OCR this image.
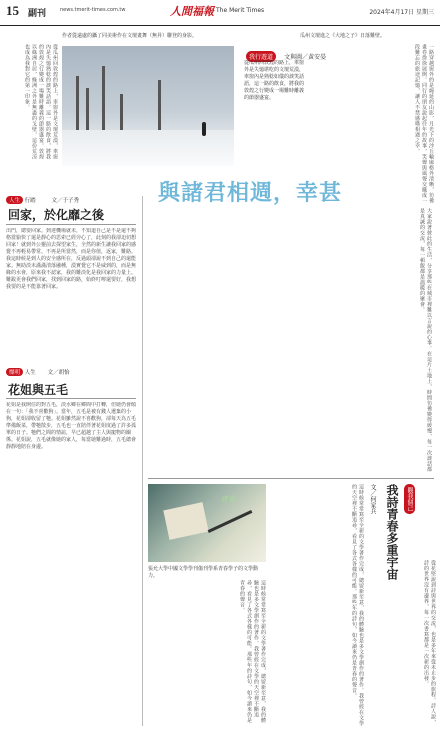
15 副刊	news.tmerit-times.com.tw	人間福報 The Merit Times	2024年4月17日 星期三
作者從遠處的攝了同美術作在文壇畫舞（無昇）聯登的身影。	瓜州文壇進之《大地之子》日落難壁。
從瓜州回敦煌的路上，車窗外是文壇荒漠，車窗內是失憶熟稔的談笑話語。這一路的飲食，將我的敦煌之行變成一場難時離義的節器盛宴。敦煌以綠洲自居，綠洲之外是無盡的戈壁，這份荒涼也成為我對它的第一印象。	我行遊道 文與圖／黃安晏
從瓜州回敦煌的路上，車窗外是失憶堪吃的文壇荒漠，車窗內是熟稔如儀的談笑話語，這一路的飲食，將我的敦煌之行變成一場難時離義的節器盛宴。	一路穿越窗外的是綿延的山影，月光下的沙丘輪廓格外清晰，彷彿畫卷徐徐展開。同行的朋友說起往年的故事，笑聲與風聲交織成一段難忘的旅途記憶，讓人不禁感嘆相遇之幸。
與諸君相週，幸甚
人生 行踏	文／于子秀
回家，於化靡之後
出門，總要回家。到達機場就未，不知道自己是不是還不夠格當愉快了還是靜心的思索已經旁心了，此刻的我卻迫切想回家！就到外公靈前去探望家生，全然的新生讓我回家的感覺不再輕易帶常。不再是所當然，而是你值，返家，難路。我這時候是到人的安全感所在，反過頭卻說不到自己的還能家。無助淡未滿滿清落融種，漠實覺它不是威到的，而是無緣的水會，原來我不認家，我的難淡化是我回家的力量上。難跋更會我們回家，找到回家的路，始終叮嚀還要好，我想我要的是不能靠著回家。
燦明 人生 文／胡怡
花姐與五毛
花姐是我開住的對五毛，淡水鄉在鄉間中打轉，但她仍會傾在一句：「我不喜歡狗」。當年，五毛是被有錢人遺棄的小狗，花姐卻收留了牠。花姐雖然說不喜歡狗，卻每天為五毛準備飯菜，帶牠散步，五毛也一直陪伴著花姐度過了許多孤單的日子。牠們之間的情誼，早已超越了主人與寵物的關係。花姐說，五毛就像她的家人，每當她難過時，五毛總會靜靜地陪在身邊。	大家說著彼此的生活，分享那些在城市裡難以言說的心事。在這片土地上，時間彷彿變得緩慢，每一次談話都是真誠的交流，每一頓飯都是溫暖的聚會。
青春
張允大學中國文學學刊傷刊學系青春學子的文學動力。
這時候常常寫至全新的文學著作完成，總留新至意，我的體驗也是多文學創作的著作。我曾經在文學的天空裡不斷追尋，看見了各式各樣的可能。那些年的詩句，如今讀來仍是青春的聲音。
觀我個己
我詩青春多重宇宙
文／何家兵
這時候常常寫至全新的文學著作完成，總留新至意，我的體驗也是多文學創作的著作。我曾經在文學的天空裡不斷追尋，看見了各式各樣的可能。那些年的詩句，如今讀來仍是青春的聲音。	從花堅說到詩與世界的交流，也是多年來從未止步的旅程。詩人說，詩的世界沒有邊界，每一次書寫都是一次新的出發。
